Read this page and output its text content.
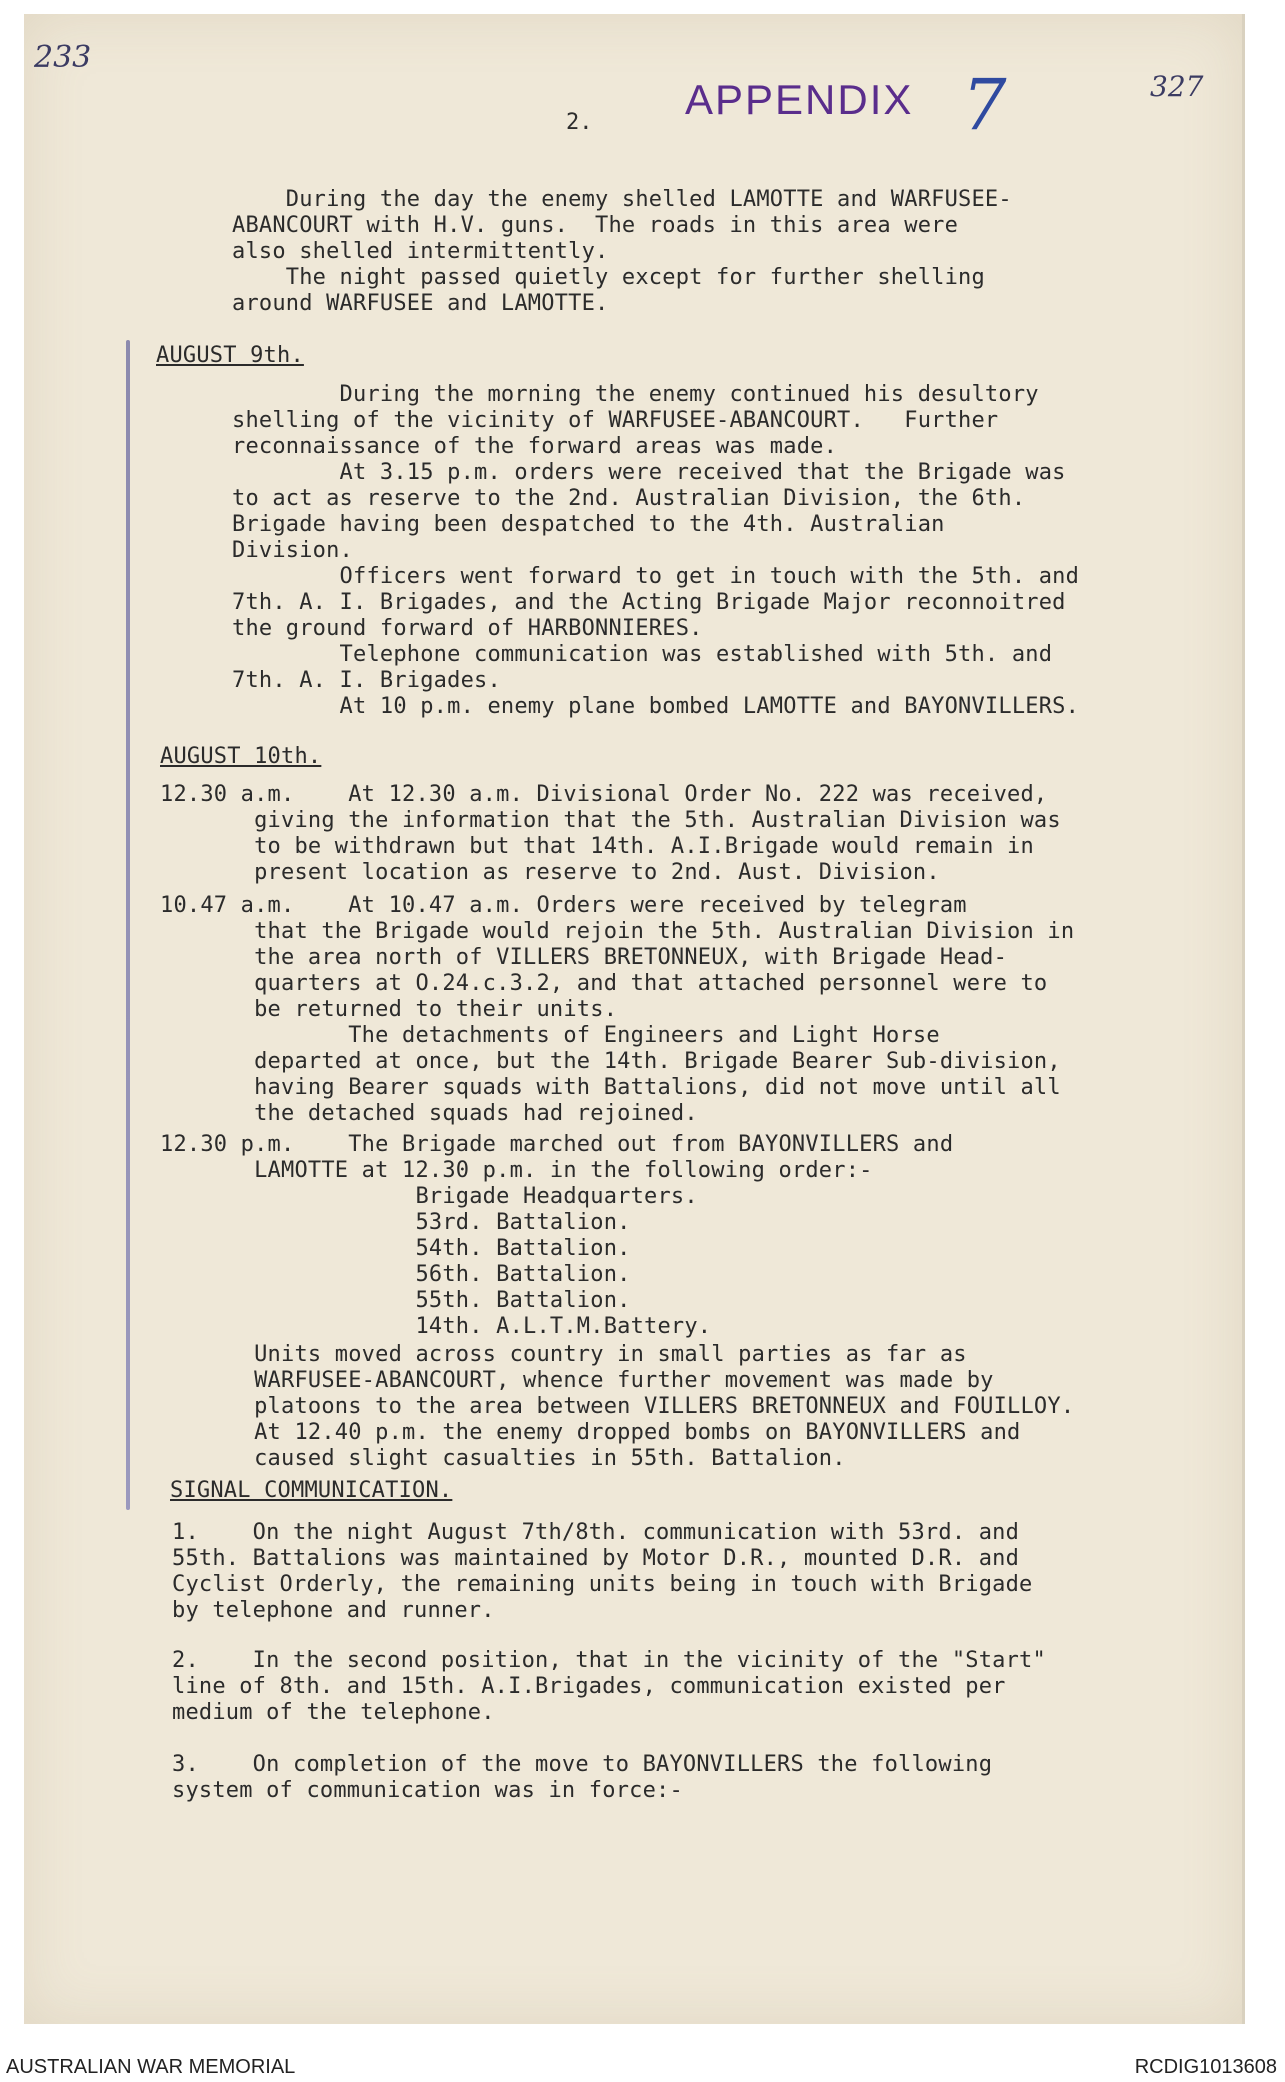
233
327
APPENDIX 7
2.
During the day the enemy shelled LAMOTTE and WARFUSEE-
ABANCOURT with H.V. guns.  The roads in this area were
also shelled intermittently.
The night passed quietly except for further shelling
around WARFUSEE and LAMOTTE.
AUGUST 9th.
During the morning the enemy continued his desultory
shelling of the vicinity of WARFUSEE-ABANCOURT.   Further
reconnaissance of the forward areas was made.
At 3.15 p.m. orders were received that the Brigade was
to act as reserve to the 2nd. Australian Division, the 6th.
Brigade having been despatched to the 4th. Australian
Division.
Officers went forward to get in touch with the 5th. and
7th. A. I. Brigades, and the Acting Brigade Major reconnoitred
the ground forward of HARBONNIERES.
Telephone communication was established with 5th. and
7th. A. I. Brigades.
At 10 p.m. enemy plane bombed LAMOTTE and BAYONVILLERS.
AUGUST 10th.
12.30 a.m.    At 12.30 a.m. Divisional Order No. 222 was received,
giving the information that the 5th. Australian Division was
to be withdrawn but that 14th. A.I.Brigade would remain in
present location as reserve to 2nd. Aust. Division.
10.47 a.m.    At 10.47 a.m. Orders were received by telegram
that the Brigade would rejoin the 5th. Australian Division in
the area north of VILLERS BRETONNEUX, with Brigade Head-
quarters at O.24.c.3.2, and that attached personnel were to
be returned to their units.
The detachments of Engineers and Light Horse
departed at once, but the 14th. Brigade Bearer Sub-division,
having Bearer squads with Battalions, did not move until all
the detached squads had rejoined.
12.30 p.m.    The Brigade marched out from BAYONVILLERS and
LAMOTTE at 12.30 p.m. in the following order:-
Brigade Headquarters.
53rd. Battalion.
54th. Battalion.
56th. Battalion.
55th. Battalion.
14th. A.L.T.M.Battery.
Units moved across country in small parties as far as
WARFUSEE-ABANCOURT, whence further movement was made by
platoons to the area between VILLERS BRETONNEUX and FOUILLOY.
At 12.40 p.m. the enemy dropped bombs on BAYONVILLERS and
caused slight casualties in 55th. Battalion.
SIGNAL COMMUNICATION.
1.    On the night August 7th/8th. communication with 53rd. and
55th. Battalions was maintained by Motor D.R., mounted D.R. and
Cyclist Orderly, the remaining units being in touch with Brigade
by telephone and runner.
2.    In the second position, that in the vicinity of the "Start"
line of 8th. and 15th. A.I.Brigades, communication existed per
medium of the telephone.
3.    On completion of the move to BAYONVILLERS the following
system of communication was in force:-
AUSTRALIAN WAR MEMORIAL	RCDIG1013608
